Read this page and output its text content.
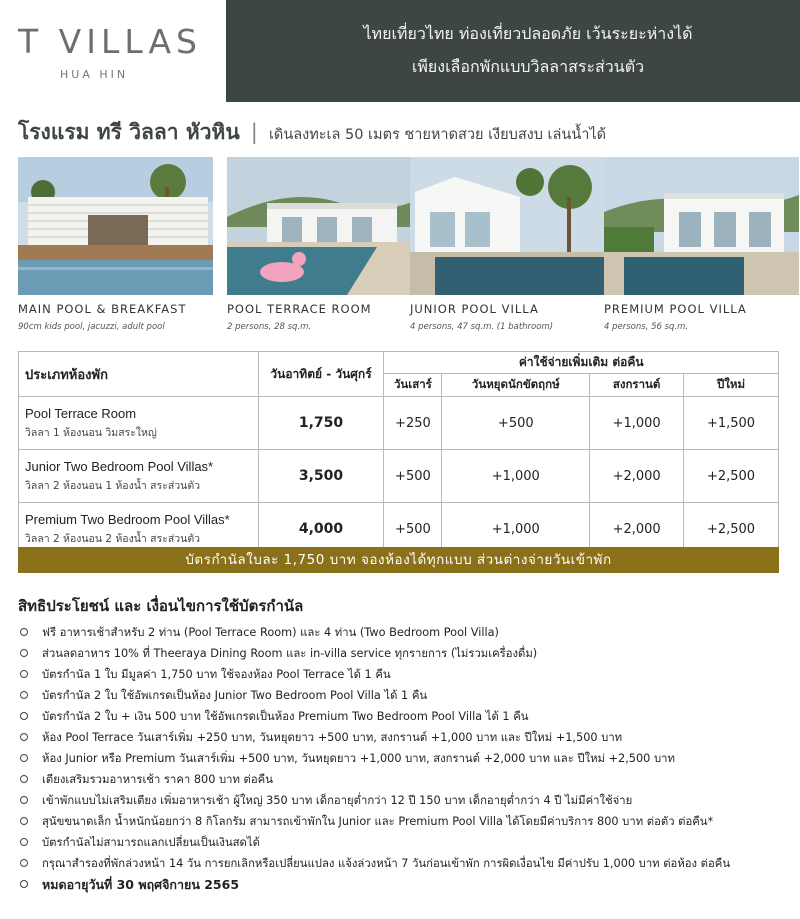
T VILLAS
HUA HIN
ไทยเที่ยวไทย ท่องเที่ยวปลอดภัย เว้นระยะห่างได้
เพียงเลือกพักแบบวิลลาสระส่วนตัว
โรงแรม ทรี วิลลา หัวหิน | เดินลงทะเล 50 เมตร ชายหาดสวย เงียบสงบ เล่นน้ำได้
MAIN POOL & BREAKFAST
90cm kids pool, jacuzzi, adult pool
POOL TERRACE ROOM
2 persons, 28 sq.m.
JUNIOR POOL VILLA
4 persons, 47 sq.m. (1 bathroom)
PREMIUM POOL VILLA
4 persons, 56 sq.m.
ประเภทห้องพัก	วันอาทิตย์ - วันศุกร์	ค่าใช้จ่ายเพิ่มเติม ต่อคืน			
		วันเสาร์	วันหยุดนักขัตฤกษ์	สงกรานต์	ปีใหม่

Pool Terrace Room
วิลลา 1 ห้องนอน วิมสระใหญ่	1,750	+250	+500	+1,000	+1,500

Junior Two Bedroom Pool Villas*
วิลลา 2 ห้องนอน 1 ห้องน้ำ สระส่วนตัว	3,500	+500	+1,000	+2,000	+2,500

Premium Two Bedroom Pool Villas*
วิลลา 2 ห้องนอน 2 ห้องน้ำ สระส่วนตัว	4,000	+500	+1,000	+2,000	+2,500
บัตรกำนัลใบละ 1,750 บาท จองห้องได้ทุกแบบ ส่วนต่างจ่ายวันเข้าพัก
สิทธิประโยชน์ และ เงื่อนไขการใช้บัตรกำนัล
ฟรี อาหารเช้าสำหรับ 2 ท่าน (Pool Terrace Room) และ 4 ท่าน (Two Bedroom Pool Villa)
ส่วนลดอาหาร 10% ที่ Theeraya Dining Room และ in-villa service ทุกรายการ (ไม่รวมเครื่องดื่ม)
บัตรกำนัล 1 ใบ มีมูลค่า 1,750 บาท ใช้จองห้อง Pool Terrace ได้ 1 คืน
บัตรกำนัล 2 ใบ ใช้อัพเกรดเป็นห้อง Junior Two Bedroom Pool Villa ได้ 1 คืน
บัตรกำนัล 2 ใบ + เงิน 500 บาท ใช้อัพเกรดเป็นห้อง Premium Two Bedroom Pool Villa ได้ 1 คืน
ห้อง Pool Terrace วันเสาร์เพิ่ม +250 บาท, วันหยุดยาว +500 บาท, สงกรานต์ +1,000 บาท และ ปีใหม่ +1,500 บาท
ห้อง Junior หรือ Premium วันเสาร์เพิ่ม +500 บาท, วันหยุดยาว +1,000 บาท, สงกรานต์ +2,000 บาท และ ปีใหม่ +2,500 บาท
เตียงเสริมรวมอาหารเช้า ราคา 800 บาท ต่อคืน
เข้าพักแบบไม่เสริมเตียง เพิ่มอาหารเช้า ผู้ใหญ่ 350 บาท เด็กอายุต่ำกว่า 12 ปี 150 บาท เด็กอายุต่ำกว่า 4 ปี ไม่มีค่าใช้จ่าย
สุนัขขนาดเล็ก น้ำหนักน้อยกว่า 8 กิโลกรัม สามารถเข้าพักใน Junior และ Premium Pool Villa ได้โดยมีค่าบริการ 800 บาท ต่อตัว ต่อคืน*
บัตรกำนัลไม่สามารถแลกเปลี่ยนเป็นเงินสดได้
กรุณาสำรองที่พักล่วงหน้า 14 วัน การยกเลิกหรือเปลี่ยนแปลง แจ้งล่วงหน้า 7 วันก่อนเข้าพัก การผิดเงื่อนไข มีค่าปรับ 1,000 บาท ต่อห้อง ต่อคืน
หมดอายุวันที่ 30 พฤศจิกายน 2565
